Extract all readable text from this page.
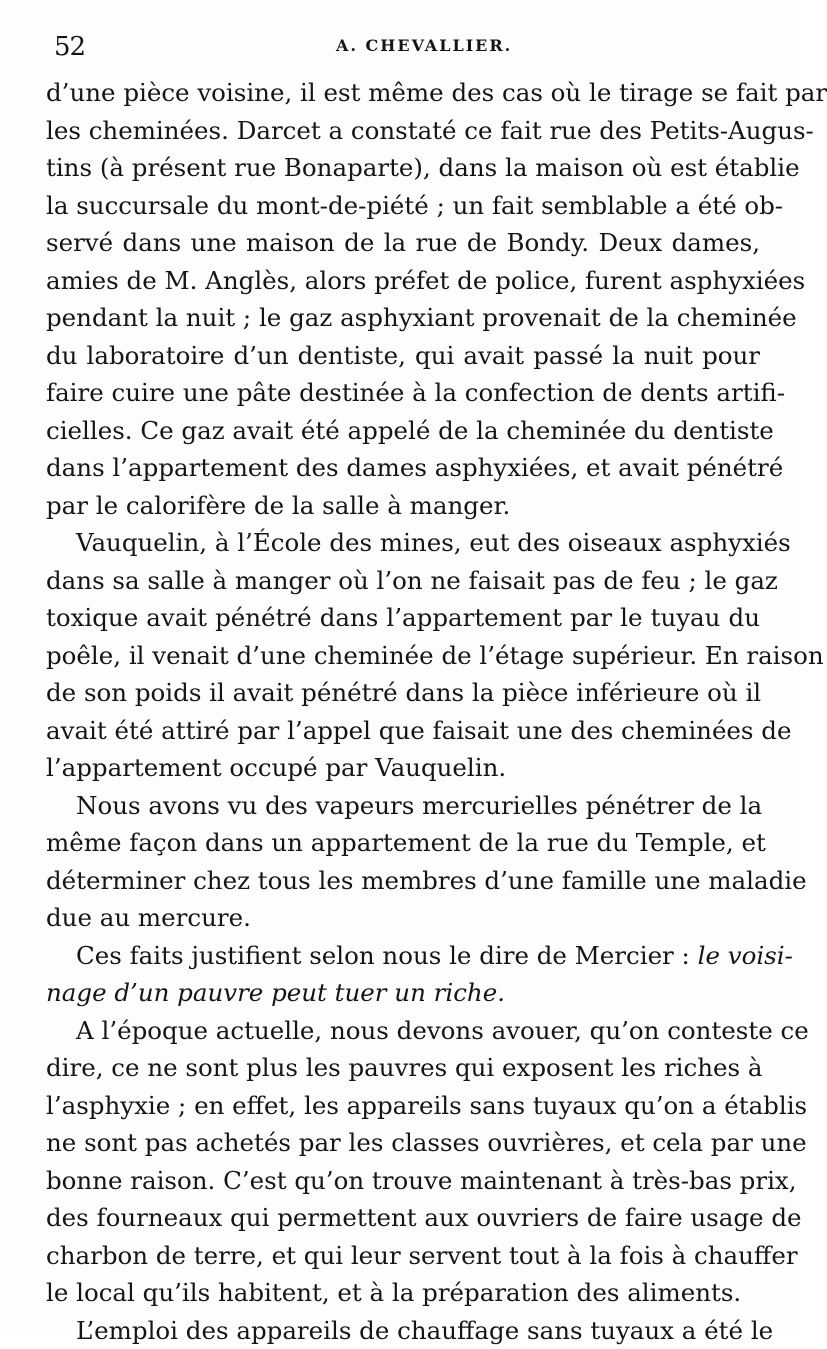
52	A. CHEVALLIER.
d’une pièce voisine, il est même des cas où le tirage se fait par
les cheminées. Darcet a constaté ce fait rue des Petits-Augus-
tins (à présent rue Bonaparte), dans la maison où est établie
la succursale du mont-de-piété ; un fait semblable a été ob-
servé dans une maison de la rue de Bondy. Deux dames,
amies de M. Anglès, alors préfet de police, furent asphyxiées
pendant la nuit ; le gaz asphyxiant provenait de la cheminée
du laboratoire d’un dentiste, qui avait passé la nuit pour
faire cuire une pâte destinée à la confection de dents artifi-
cielles. Ce gaz avait été appelé de la cheminée du dentiste
dans l’appartement des dames asphyxiées, et avait pénétré
par le calorifère de la salle à manger.
Vauquelin, à l’École des mines, eut des oiseaux asphyxiés
dans sa salle à manger où l’on ne faisait pas de feu ; le gaz
toxique avait pénétré dans l’appartement par le tuyau du
poêle, il venait d’une cheminée de l’étage supérieur. En raison
de son poids il avait pénétré dans la pièce inférieure où il
avait été attiré par l’appel que faisait une des cheminées de
l’appartement occupé par Vauquelin.
Nous avons vu des vapeurs mercurielles pénétrer de la
même façon dans un appartement de la rue du Temple, et
déterminer chez tous les membres d’une famille une maladie
due au mercure.
Ces faits justifient selon nous le dire de Mercier : le voisi-
nage d’un pauvre peut tuer un riche.
A l’époque actuelle, nous devons avouer, qu’on conteste ce
dire, ce ne sont plus les pauvres qui exposent les riches à
l’asphyxie ; en effet, les appareils sans tuyaux qu’on a établis
ne sont pas achetés par les classes ouvrières, et cela par une
bonne raison. C’est qu’on trouve maintenant à très-bas prix,
des fourneaux qui permettent aux ouvriers de faire usage de
charbon de terre, et qui leur servent tout à la fois à chauffer
le local qu’ils habitent, et à la préparation des aliments.
L’emploi des appareils de chauffage sans tuyaux a été le
